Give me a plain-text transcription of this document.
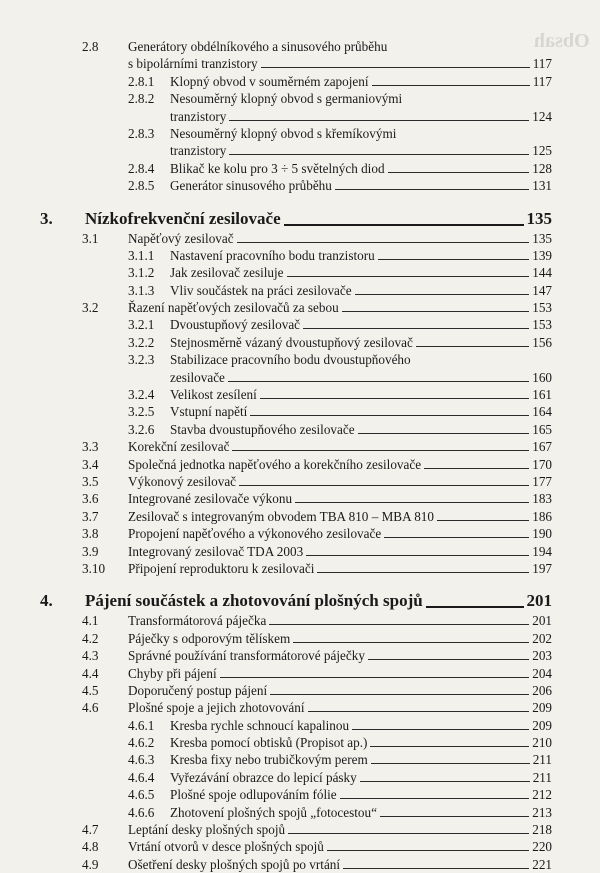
Obsah
2.8 Generátory obdélníkového a sinusového průběhu
s bipolárními tranzistory	117
2.8.1 Klopný obvod v souměrném zapojení	117
2.8.2 Nesouměrný klopný obvod s germaniovými
tranzistory	124
2.8.3 Nesouměrný klopný obvod s křemíkovými
tranzistory	125
2.8.4 Blikač ke kolu pro 3 ÷ 5 světelných diod	128
2.8.5 Generátor sinusového průběhu	131
3. Nízkofrekvenční zesilovače	135
3.1 Napěťový zesilovač	135
3.1.1 Nastavení pracovního bodu tranzistoru	139
3.1.2 Jak zesilovač zesiluje	144
3.1.3 Vliv součástek na práci zesilovače	147
3.2 Řazení napěťových zesilovačů za sebou	153
3.2.1 Dvoustupňový zesilovač	153
3.2.2 Stejnosměrně vázaný dvoustupňový zesilovač	156
3.2.3 Stabilizace pracovního bodu dvoustupňového
zesilovače	160
3.2.4 Velikost zesílení	161
3.2.5 Vstupní napětí	164
3.2.6 Stavba dvoustupňového zesilovače	165
3.3 Korekční zesilovač	167
3.4 Společná jednotka napěťového a korekčního zesilovače	170
3.5 Výkonový zesilovač	177
3.6 Integrované zesilovače výkonu	183
3.7 Zesilovač s integrovaným obvodem TBA 810 – MBA 810	186
3.8 Propojení napěťového a výkonového zesilovače	190
3.9 Integrovaný zesilovač TDA 2003	194
3.10 Připojení reproduktoru k zesilovači	197
4. Pájení součástek a zhotovování plošných spojů	201
4.1 Transformátorová páječka	201
4.2 Páječky s odporovým tělískem	202
4.3 Správné používání transformátorové páječky	203
4.4 Chyby při pájení	204
4.5 Doporučený postup pájení	206
4.6 Plošné spoje a jejich zhotovování	209
4.6.1 Kresba rychle schnoucí kapalinou	209
4.6.2 Kresba pomocí obtisků (Propisot ap.)	210
4.6.3 Kresba fixy nebo trubičkovým perem	211
4.6.4 Vyřezávání obrazce do lepicí pásky	211
4.6.5 Plošné spoje odlupováním fólie	212
4.6.6 Zhotovení plošných spojů „fotocestou“	213
4.7 Leptání desky plošných spojů	218
4.8 Vrtání otvorů v desce plošných spojů	220
4.9 Ošetření desky plošných spojů po vrtání	221
